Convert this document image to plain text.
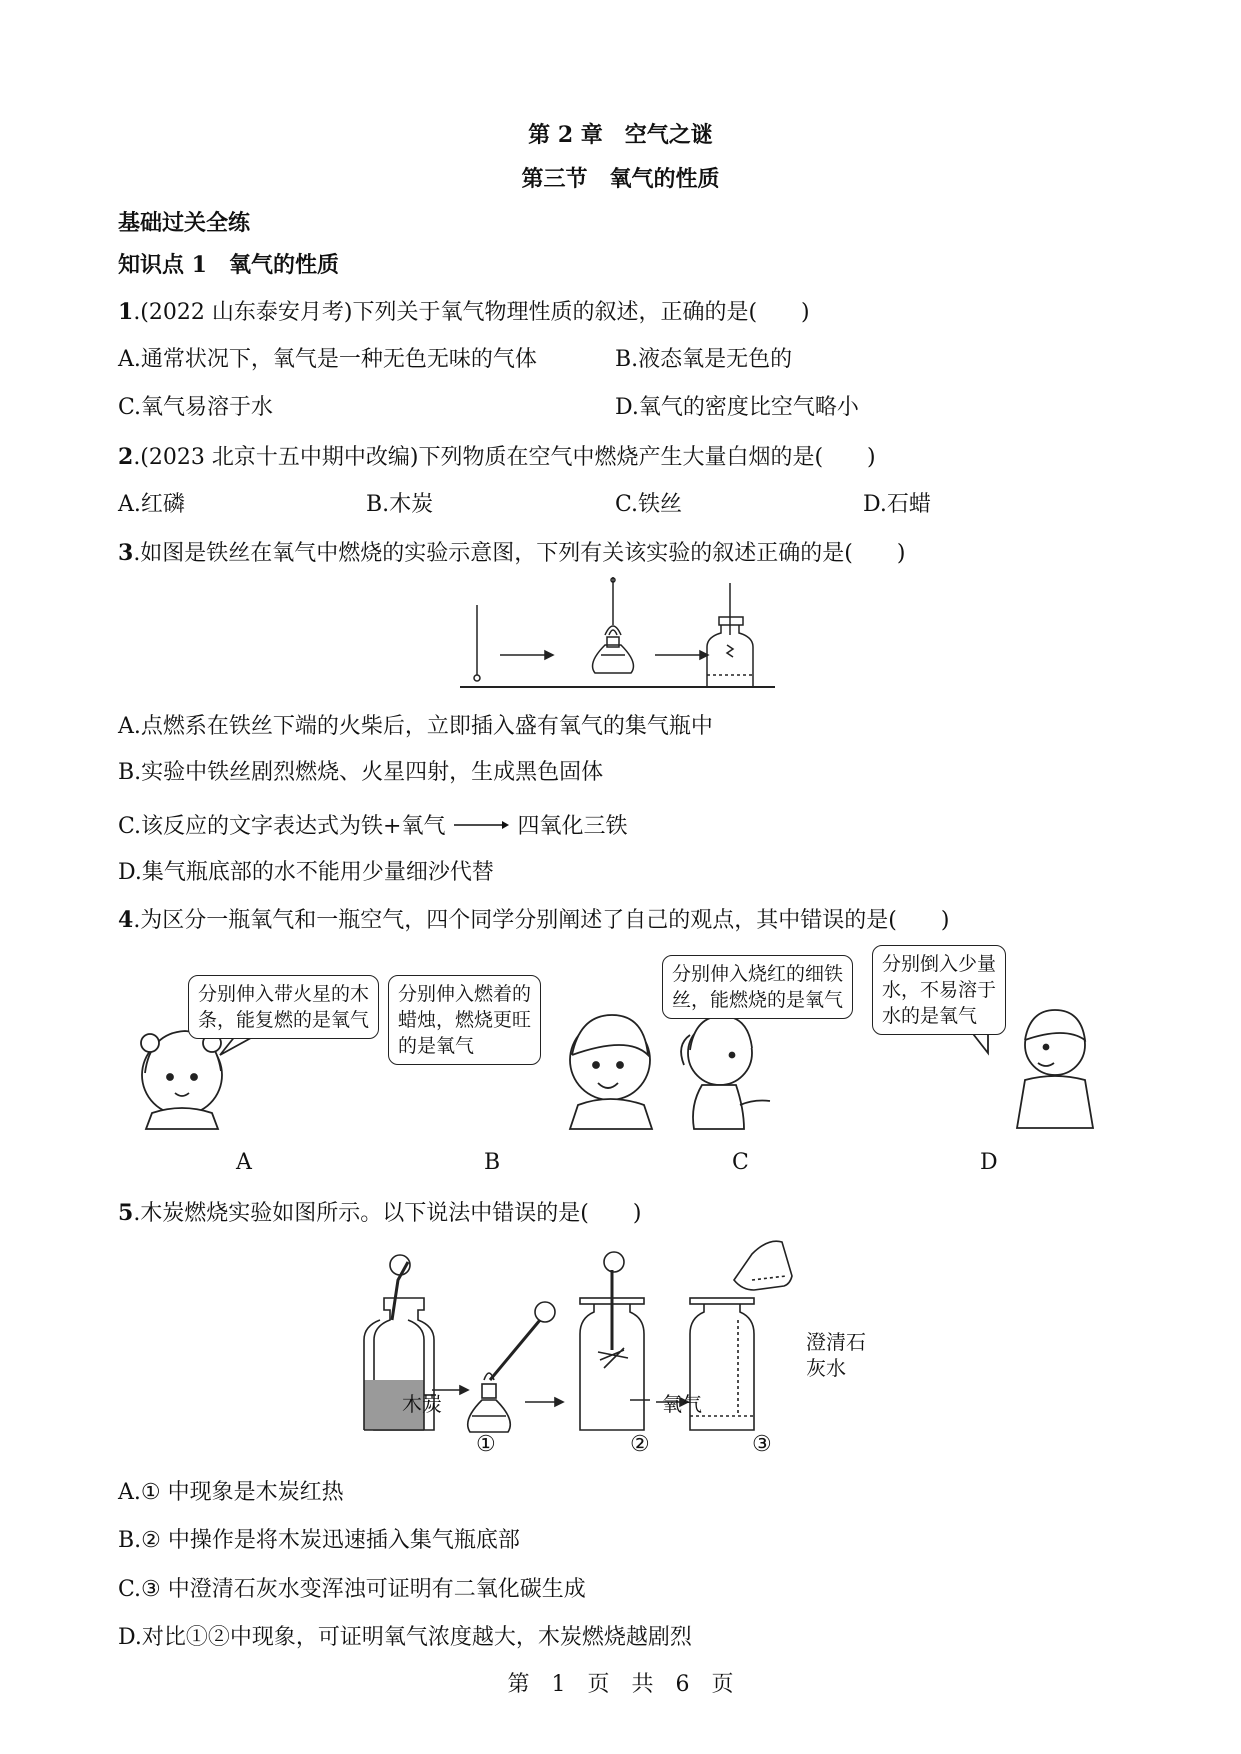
第 2 章　空气之谜
第三节　氧气的性质
基础过关全练
知识点 1　氧气的性质
1.(2022 山东泰安月考)下列关于氧气物理性质的叙述，正确的是(　　)
A.通常状况下，氧气是一种无色无味的气体	B.液态氧是无色的
C.氧气易溶于水	D.氧气的密度比空气略小
2.(2023 北京十五中期中改编)下列物质在空气中燃烧产生大量白烟的是(　　)
A.红磷	B.木炭	C.铁丝	D.石蜡
3.如图是铁丝在氧气中燃烧的实验示意图，下列有关该实验的叙述正确的是(　　)
A.点燃系在铁丝下端的火柴后，立即插入盛有氧气的集气瓶中
B.实验中铁丝剧烈燃烧、火星四射，生成黑色固体
C.该反应的文字表达式为铁+氧气 → 四氧化三铁
D.集气瓶底部的水不能用少量细沙代替
4.为区分一瓶氧气和一瓶空气，四个同学分别阐述了自己的观点，其中错误的是(　　)
分别伸入带火星的木
条，能复燃的是氧气
分别伸入燃着的
蜡烛，燃烧更旺
的是氧气
分别伸入烧红的细铁
丝，能燃烧的是氧气
分别倒入少量
水，不易溶于
水的是氧气
A	B	C	D
5.木炭燃烧实验如图所示。以下说法中错误的是(　　)
木炭	氧气
澄清石
灰水
①	②	③
A.① 中现象是木炭红热
B.② 中操作是将木炭迅速插入集气瓶底部
C.③ 中澄清石灰水变浑浊可证明有二氧化碳生成
D.对比①②中现象，可证明氧气浓度越大，木炭燃烧越剧烈
第　1　页　共　6　页
